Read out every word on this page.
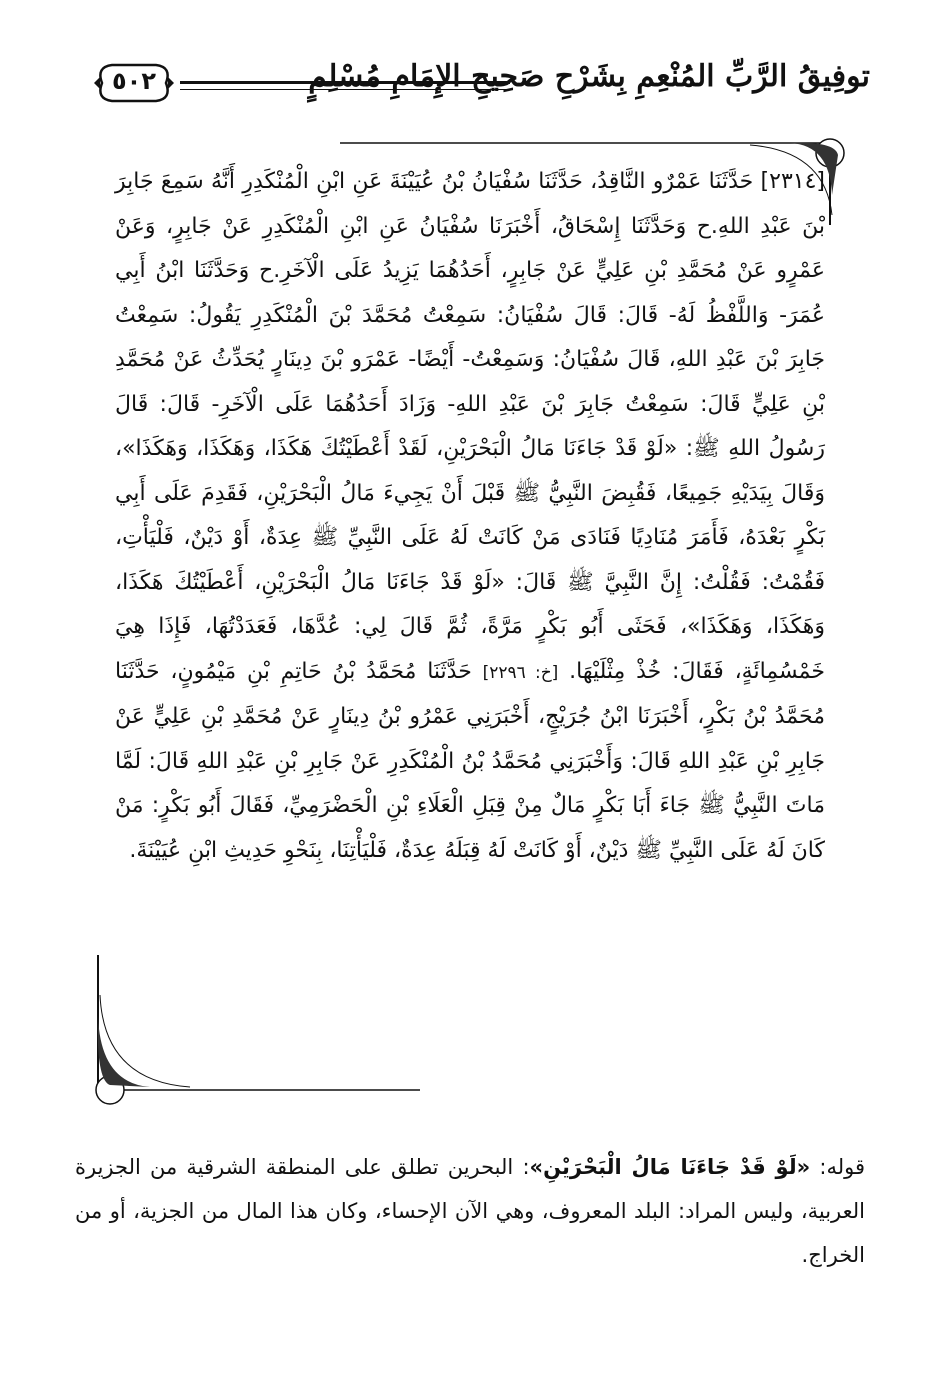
توفِيقُ الرَّبِّ المُنْعِمِ بِشَرْحِ صَحِيحِ الإِمَامِ مُسْلِمٍ
٥٠٢
[٢٣١٤] حَدَّثَنَا عَمْرٌو النَّاقِدُ، حَدَّثَنَا سُفْيَانُ بْنُ عُيَيْنَةَ عَنِ ابْنِ الْمُنْكَدِرِ أَنَّهُ سَمِعَ جَابِرَ بْنَ عَبْدِ اللهِ.ح وَحَدَّثَنَا إِسْحَاقُ، أَخْبَرَنَا سُفْيَانُ عَنِ ابْنِ الْمُنْكَدِرِ عَنْ جَابِرٍ، وَعَنْ عَمْرٍو عَنْ مُحَمَّدِ بْنِ عَلِيٍّ عَنْ جَابِرٍ، أَحَدُهُمَا يَزِيدُ عَلَى الْآخَرِ.ح وَحَدَّثَنَا ابْنُ أَبِي عُمَرَ- وَاللَّفْظُ لَهُ- قَالَ: قَالَ سُفْيَانُ: سَمِعْتُ مُحَمَّدَ بْنَ الْمُنْكَدِرِ يَقُولُ: سَمِعْتُ جَابِرَ بْنَ عَبْدِ اللهِ، قَالَ سُفْيَانُ: وَسَمِعْتُ- أَيْضًا- عَمْرَو بْنَ دِينَارٍ يُحَدِّثُ عَنْ مُحَمَّدِ بْنِ عَلِيٍّ قَالَ: سَمِعْتُ جَابِرَ بْنَ عَبْدِ اللهِ- وَزَادَ أَحَدُهُمَا عَلَى الْآخَرِ- قَالَ: قَالَ رَسُولُ اللهِ ﷺ: «لَوْ قَدْ جَاءَنَا مَالُ الْبَحْرَيْنِ، لَقَدْ أَعْطَيْتُكَ هَكَذَا، وَهَكَذَا، وَهَكَذَا»، وَقَالَ بِيَدَيْهِ جَمِيعًا، فَقُبِضَ النَّبِيُّ ﷺ قَبْلَ أَنْ يَجِيءَ مَالُ الْبَحْرَيْنِ، فَقَدِمَ عَلَى أَبِي بَكْرٍ بَعْدَهُ، فَأَمَرَ مُنَادِيًا فَنَادَى مَنْ كَانَتْ لَهُ عَلَى النَّبِيِّ ﷺ عِدَةٌ، أَوْ دَيْنٌ، فَلْيَأْتِ، فَقُمْتُ: فَقُلْتُ: إِنَّ النَّبِيَّ ﷺ قَالَ: «لَوْ قَدْ جَاءَنَا مَالُ الْبَحْرَيْنِ، أَعْطَيْتُكَ هَكَذَا، وَهَكَذَا، وَهَكَذَا»، فَحَثَى أَبُو بَكْرٍ مَرَّةً، ثُمَّ قَالَ لِي: عُدَّهَا، فَعَدَدْتُهَا، فَإِذَا هِيَ خَمْسُمِائَةٍ، فَقَالَ: خُذْ مِثْلَيْهَا. [خ: ٢٢٩٦] حَدَّثَنَا مُحَمَّدُ بْنُ حَاتِمِ بْنِ مَيْمُونٍ، حَدَّثَنَا مُحَمَّدُ بْنُ بَكْرٍ، أَخْبَرَنَا ابْنُ جُرَيْجٍ، أَخْبَرَنِي عَمْرُو بْنُ دِينَارٍ عَنْ مُحَمَّدِ بْنِ عَلِيٍّ عَنْ جَابِرِ بْنِ عَبْدِ اللهِ قَالَ: وَأَخْبَرَنِي مُحَمَّدُ بْنُ الْمُنْكَدِرِ عَنْ جَابِرِ بْنِ عَبْدِ اللهِ قَالَ: لَمَّا مَاتَ النَّبِيُّ ﷺ جَاءَ أَبَا بَكْرٍ مَالٌ مِنْ قِبَلِ الْعَلَاءِ بْنِ الْحَضْرَمِيِّ، فَقَالَ أَبُو بَكْرٍ: مَنْ كَانَ لَهُ عَلَى النَّبِيِّ ﷺ دَيْنٌ، أَوْ كَانَتْ لَهُ قِبَلَهُ عِدَةٌ، فَلْيَأْتِنَا، بِنَحْوِ حَدِيثِ ابْنِ عُيَيْنَةَ.

قوله: «لَوْ قَدْ جَاءَنَا مَالُ الْبَحْرَيْنِ»: البحرين تطلق على المنطقة الشرقية من الجزيرة العربية، وليس المراد: البلد المعروف، وهي الآن الإحساء، وكان هذا المال من الجزية، أو من الخراج.
